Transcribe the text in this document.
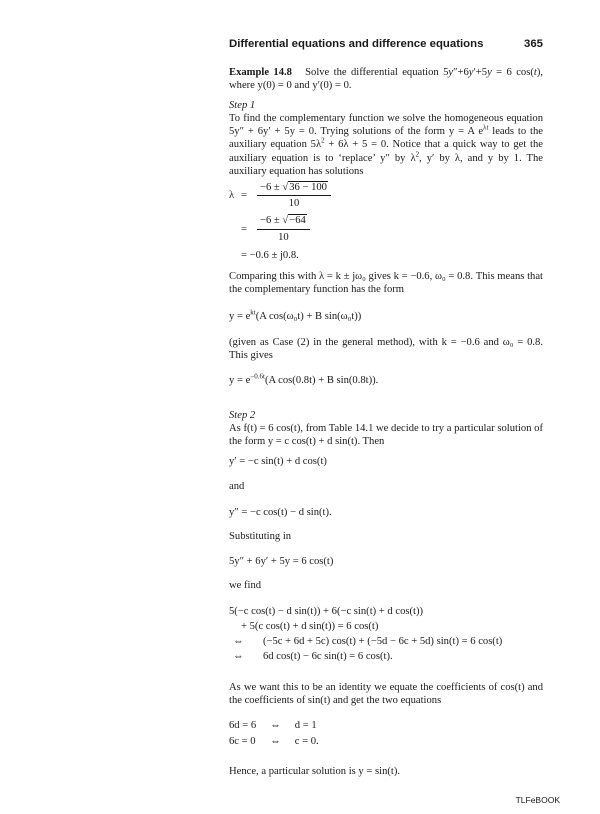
Differential equations and difference equations	365

Example 14.8 Solve the differential equation 5y″+6y′+5y = 6 cos(t), where y(0) = 0 and y′(0) = 0.

Step 1

To find the complementary function we solve the homogeneous equation 5y″ + 6y′ + 5y = 0. Trying solutions of the form y = A $e^{\lambda t}$ leads to the auxiliary equation $5\lambda^2 + 6\lambda + 5 = 0$. Notice that a quick way to get the auxiliary equation is to ‘replace’ y″ by $\lambda^2$, y′ by λ, and y by 1. The auxiliary equation has solutions

$\lambda = \frac{-6 \pm √36 - 100}{10}$
= $\frac{-6 \pm √-64}{10}$

= −0.6 ± j0.8.

Comparing this with λ = k ± jω₀ gives k = −0.6, ω₀ = 0.8. This means that the complementary function has the form

$y = e^{kt}(A$ cos(ω₀t) + B sin(ω₀t))

(given as Case (2) in the general method), with k = −0.6 and ω₀ = 0.8. This gives

$y = e^{-0.6t}(A$ cos(0.8t) + B sin(0.8t)).

Step 2

As f(t) = 6 cos(t), from Table 14.1 we decide to try a particular solution of the form y = c cos(t) + d sin(t). Then

y′ = −c sin(t) + d cos(t)

and

y″ = −c cos(t) − d sin(t).

Substituting in

5y″ + 6y′ + 5y = 6 cos(t)

we find

5(−c cos(t) − d sin(t)) + 6(−c sin(t) + d cos(t))

+ 5(c cos(t) + d sin(t)) = 6 cos(t)

⇔ (−5c + 6d + 5c) cos(t) + (−5d − 6c + 5d) sin(t) = 6 cos(t)

⇔ 6d cos(t) − 6c sin(t) = 6 cos(t).

As we want this to be an identity we equate the coefficients of cos(t) and the coefficients of sin(t) and get the two equations

6d = 6	⇔	d = 1
6c = 0	⇔	c = 0.

Hence, a particular solution is y = sin(t).

TLFeBOOK
